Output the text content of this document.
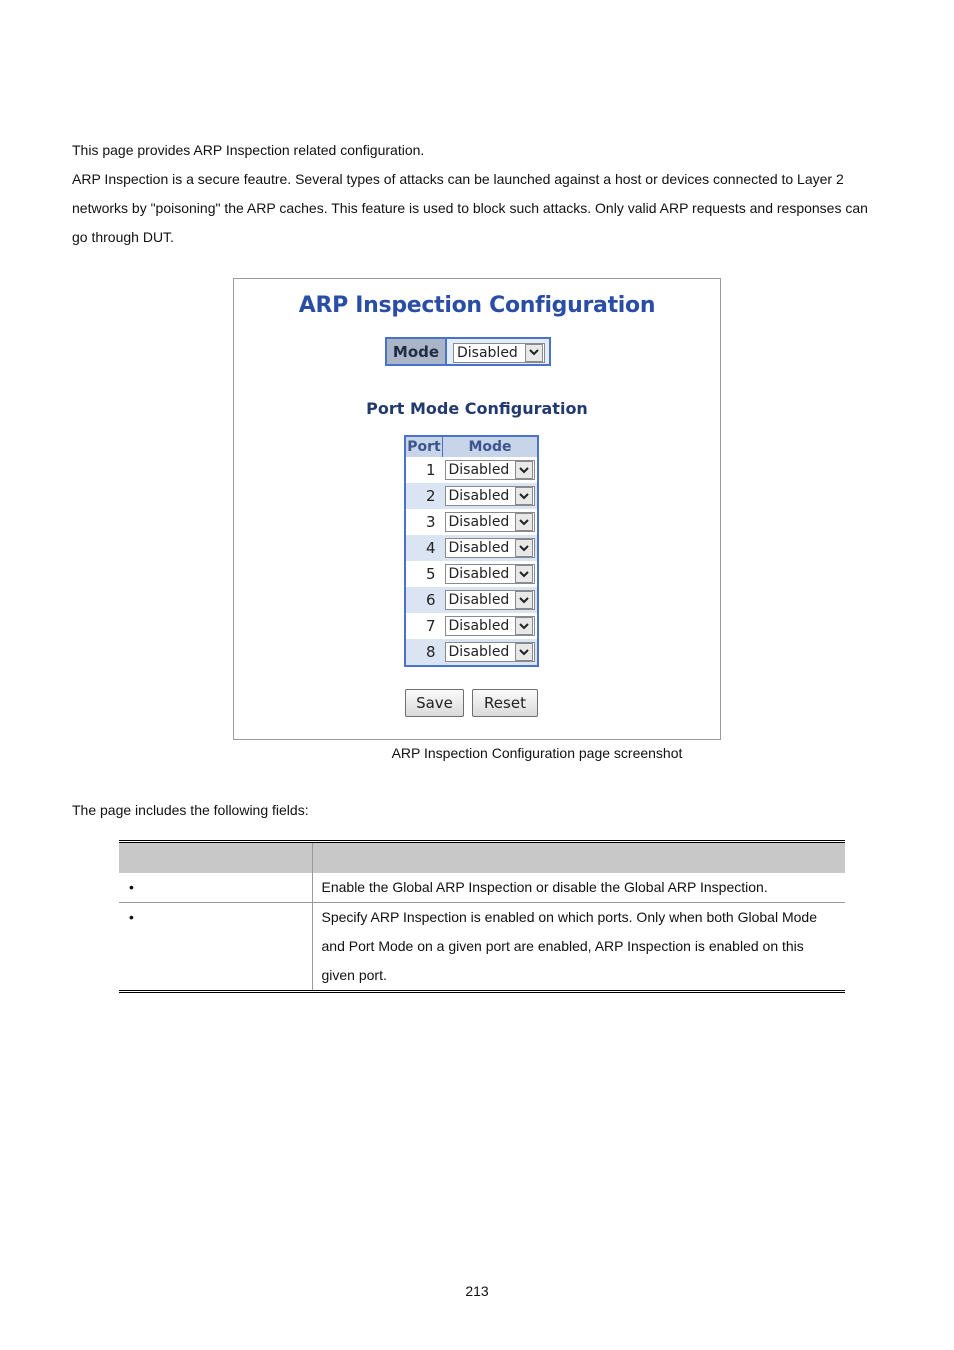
This page provides ARP Inspection related configuration.

ARP Inspection is a secure feautre. Several types of attacks can be launched against a host or devices connected to Layer 2 networks by "poisoning" the ARP caches. This feature is used to block such attacks. Only valid ARP requests and responses can go through DUT.

ARP Inspection Configuration
Mode	Disabled
Port Mode Configuration
Port	Mode
1	Disabled

2	Disabled

3	Disabled

4	Disabled

5	Disabled

6	Disabled

7	Disabled

8	Disabled
Save	Reset
ARP Inspection Configuration page screenshot
The page includes the following fields:

•	Enable the Global ARP Inspection or disable the Global ARP Inspection.
•	Specify ARP Inspection is enabled on which ports. Only when both Global Mode and Port Mode on a given port are enabled, ARP Inspection is enabled on this given port.
213
